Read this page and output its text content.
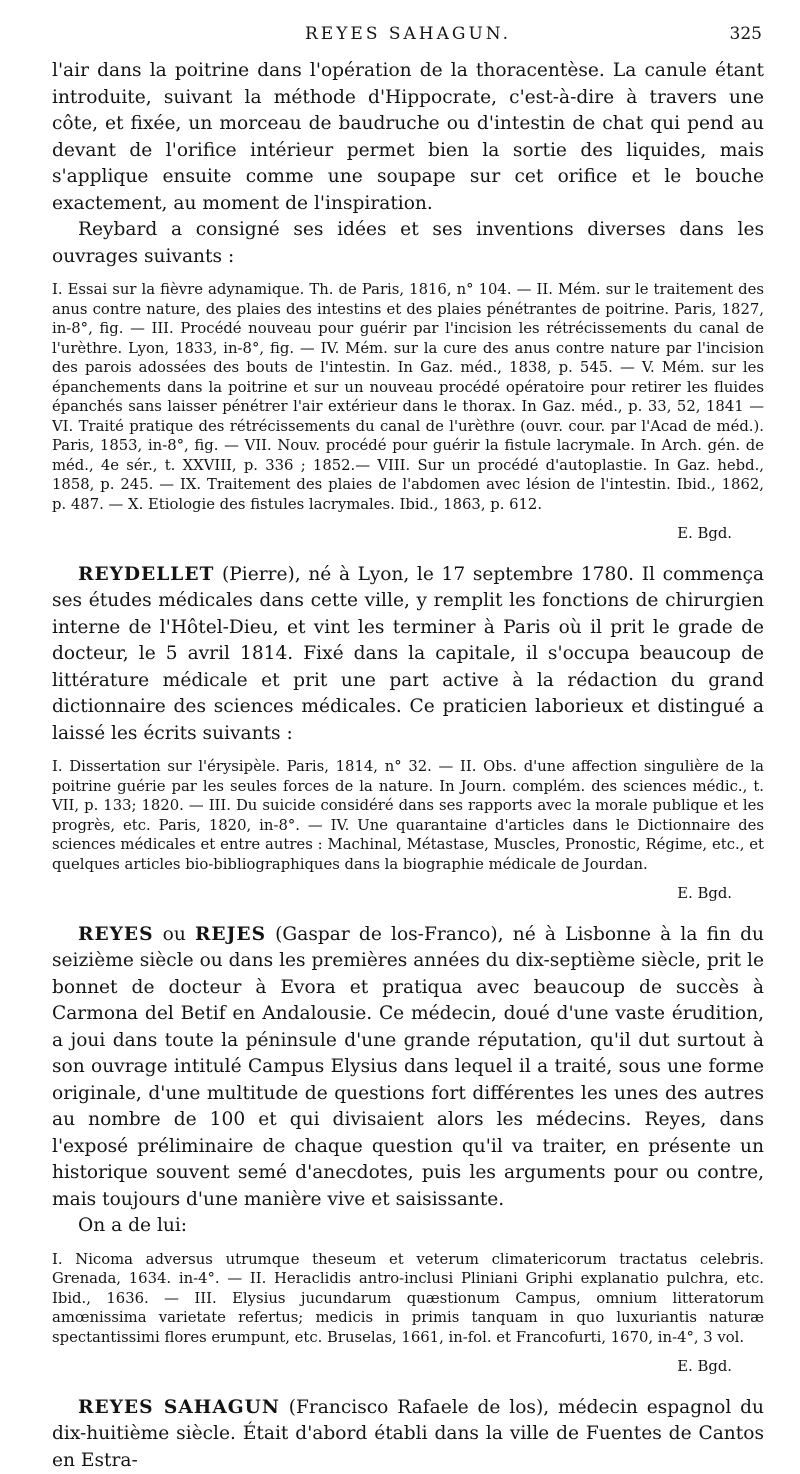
REYES SAHAGUN.	325

l'air dans la poitrine dans l'opération de la thoracentèse. La canule étant introduite, suivant la méthode d'Hippocrate, c'est-à-dire à travers une côte, et fixée, un morceau de baudruche ou d'intestin de chat qui pend au devant de l'orifice intérieur permet bien la sortie des liquides, mais s'applique ensuite comme une soupape sur cet orifice et le bouche exactement, au moment de l'inspiration.

Reybard a consigné ses idées et ses inventions diverses dans les ouvrages suivants :

I. Essai sur la fièvre adynamique. Th. de Paris, 1816, n° 104. — II. Mém. sur le traitement des anus contre nature, des plaies des intestins et des plaies pénétrantes de poitrine. Paris, 1827, in-8°, fig. — III. Procédé nouveau pour guérir par l'incision les rétrécissements du canal de l'urèthre. Lyon, 1833, in-8°, fig. — IV. Mém. sur la cure des anus contre nature par l'incision des parois adossées des bouts de l'intestin. In Gaz. méd., 1838, p. 545. — V. Mém. sur les épanchements dans la poitrine et sur un nouveau procédé opératoire pour retirer les fluides épanchés sans laisser pénétrer l'air extérieur dans le thorax. In Gaz. méd., p. 33, 52, 1841 — VI. Traité pratique des rétrécissements du canal de l'urèthre (ouvr. cour. par l'Acad de méd.). Paris, 1853, in-8°, fig. — VII. Nouv. procédé pour guérir la fistule lacrymale. In Arch. gén. de méd., 4e sér., t. XXVIII, p. 336 ; 1852.— VIII. Sur un procédé d'autoplastie. In Gaz. hebd., 1858, p. 245. — IX. Traitement des plaies de l'abdomen avec lésion de l'intestin. Ibid., 1862, p. 487. — X. Etiologie des fistules lacrymales. Ibid., 1863, p. 612.

E. Bgd.

REYDELLET (Pierre), né à Lyon, le 17 septembre 1780. Il commença ses études médicales dans cette ville, y remplit les fonctions de chirurgien interne de l'Hôtel-Dieu, et vint les terminer à Paris où il prit le grade de docteur, le 5 avril 1814. Fixé dans la capitale, il s'occupa beaucoup de littérature médicale et prit une part active à la rédaction du grand dictionnaire des sciences médicales. Ce praticien laborieux et distingué a laissé les écrits suivants :

I. Dissertation sur l'érysipèle. Paris, 1814, n° 32. — II. Obs. d'une affection singulière de la poitrine guérie par les seules forces de la nature. In Journ. complém. des sciences médic., t. VII, p. 133; 1820. — III. Du suicide considéré dans ses rapports avec la morale publique et les progrès, etc. Paris, 1820, in-8°. — IV. Une quarantaine d'articles dans le Dictionnaire des sciences médicales et entre autres : Machinal, Métastase, Muscles, Pronostic, Régime, etc., et quelques articles bio-bibliographiques dans la biographie médicale de Jourdan.

E. Bgd.

REYES ou REJES (Gaspar de los-Franco), né à Lisbonne à la fin du seizième siècle ou dans les premières années du dix-septième siècle, prit le bonnet de docteur à Evora et pratiqua avec beaucoup de succès à Carmona del Betif en Andalousie. Ce médecin, doué d'une vaste érudition, a joui dans toute la péninsule d'une grande réputation, qu'il dut surtout à son ouvrage intitulé Campus Elysius dans lequel il a traité, sous une forme originale, d'une multitude de questions fort différentes les unes des autres au nombre de 100 et qui divisaient alors les médecins. Reyes, dans l'exposé préliminaire de chaque question qu'il va traiter, en présente un historique souvent semé d'anecdotes, puis les arguments pour ou contre, mais toujours d'une manière vive et saisissante.

On a de lui:

I. Nicoma adversus utrumque theseum et veterum climatericorum tractatus celebris. Grenada, 1634. in-4°. — II. Heraclidis antro-inclusi Pliniani Griphi explanatio pulchra, etc. Ibid., 1636. — III. Elysius jucundarum quæstionum Campus, omnium litteratorum amœnissima varietate refertus; medicis in primis tanquam in quo luxuriantis naturæ spectantissimi flores erumpunt, etc. Bruselas, 1661, in-fol. et Francofurti, 1670, in-4°, 3 vol.

E. Bgd.

REYES SAHAGUN (Francisco Rafaele de los), médecin espagnol du dix-huitième siècle. Était d'abord établi dans la ville de Fuentes de Cantos en Estra-
